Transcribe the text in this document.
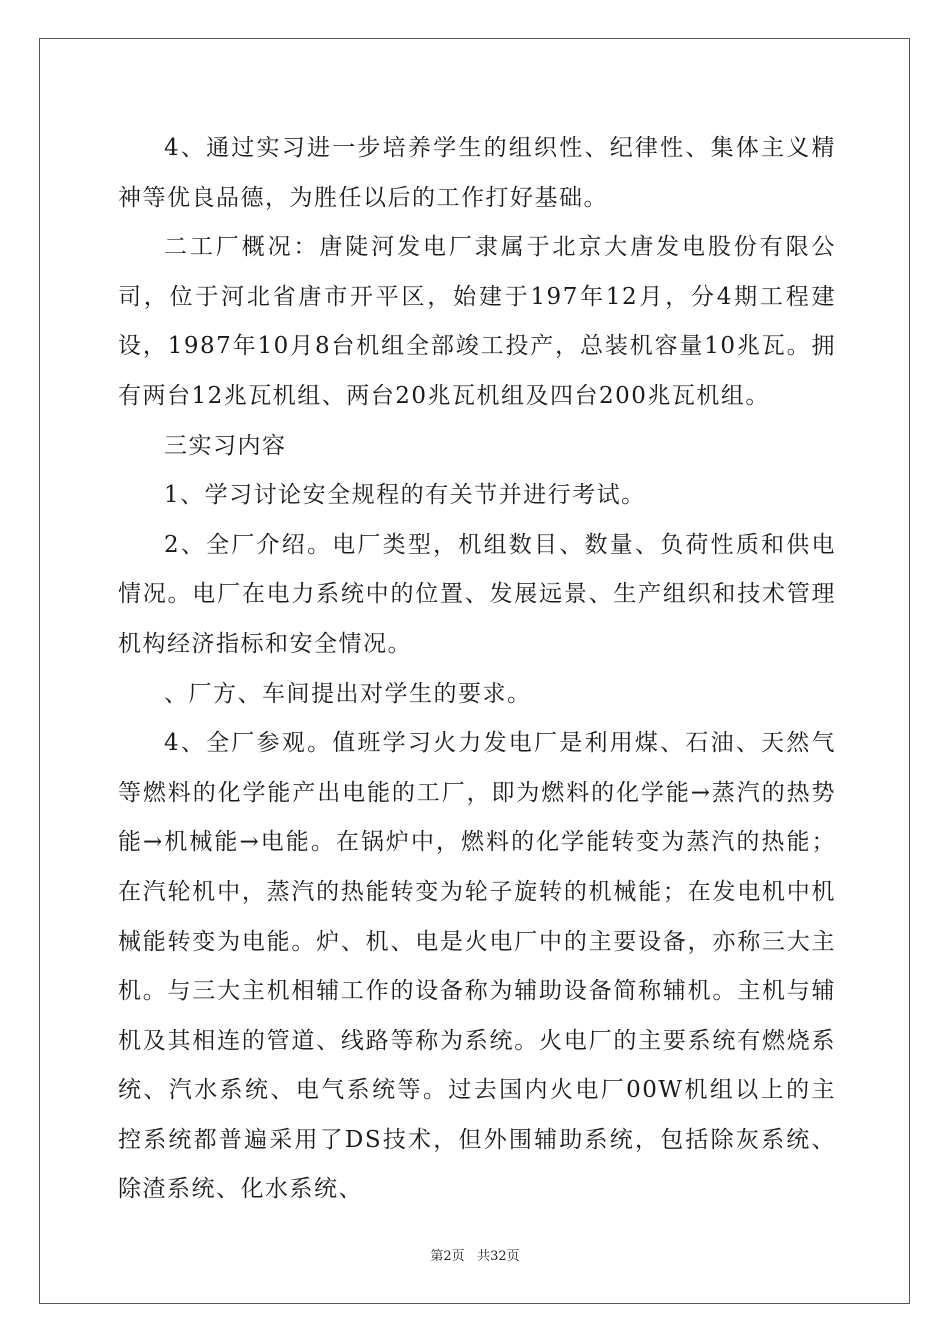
4、通过实习进一步培养学生的组织性、纪律性、集体主义精神等优良品德，为胜任以后的工作打好基础。

二工厂概况：唐陡河发电厂隶属于北京大唐发电股份有限公司，位于河北省唐市开平区，始建于197年12月，分4期工程建设，1987年10月8台机组全部竣工投产，总装机容量10兆瓦。拥有两台12兆瓦机组、两台20兆瓦机组及四台200兆瓦机组。

三实习内容

1、学习讨论安全规程的有关节并进行考试。

2、全厂介绍。电厂类型，机组数目、数量、负荷性质和供电情况。电厂在电力系统中的位置、发展远景、生产组织和技术管理机构经济指标和安全情况。

、厂方、车间提出对学生的要求。

4、全厂参观。值班学习火力发电厂是利用煤、石油、天然气等燃料的化学能产出电能的工厂，即为燃料的化学能→蒸汽的热势能→机械能→电能。在锅炉中，燃料的化学能转变为蒸汽的热能；在汽轮机中，蒸汽的热能转变为轮子旋转的机械能；在发电机中机械能转变为电能。炉、机、电是火电厂中的主要设备，亦称三大主机。与三大主机相辅工作的设备称为辅助设备简称辅机。主机与辅机及其相连的管道、线路等称为系统。火电厂的主要系统有燃烧系统、汽水系统、电气系统等。过去国内火电厂00W机组以上的主控系统都普遍采用了DS技术，但外围辅助系统，包括除灰系统、除渣系统、化水系统、

第2页 共32页
